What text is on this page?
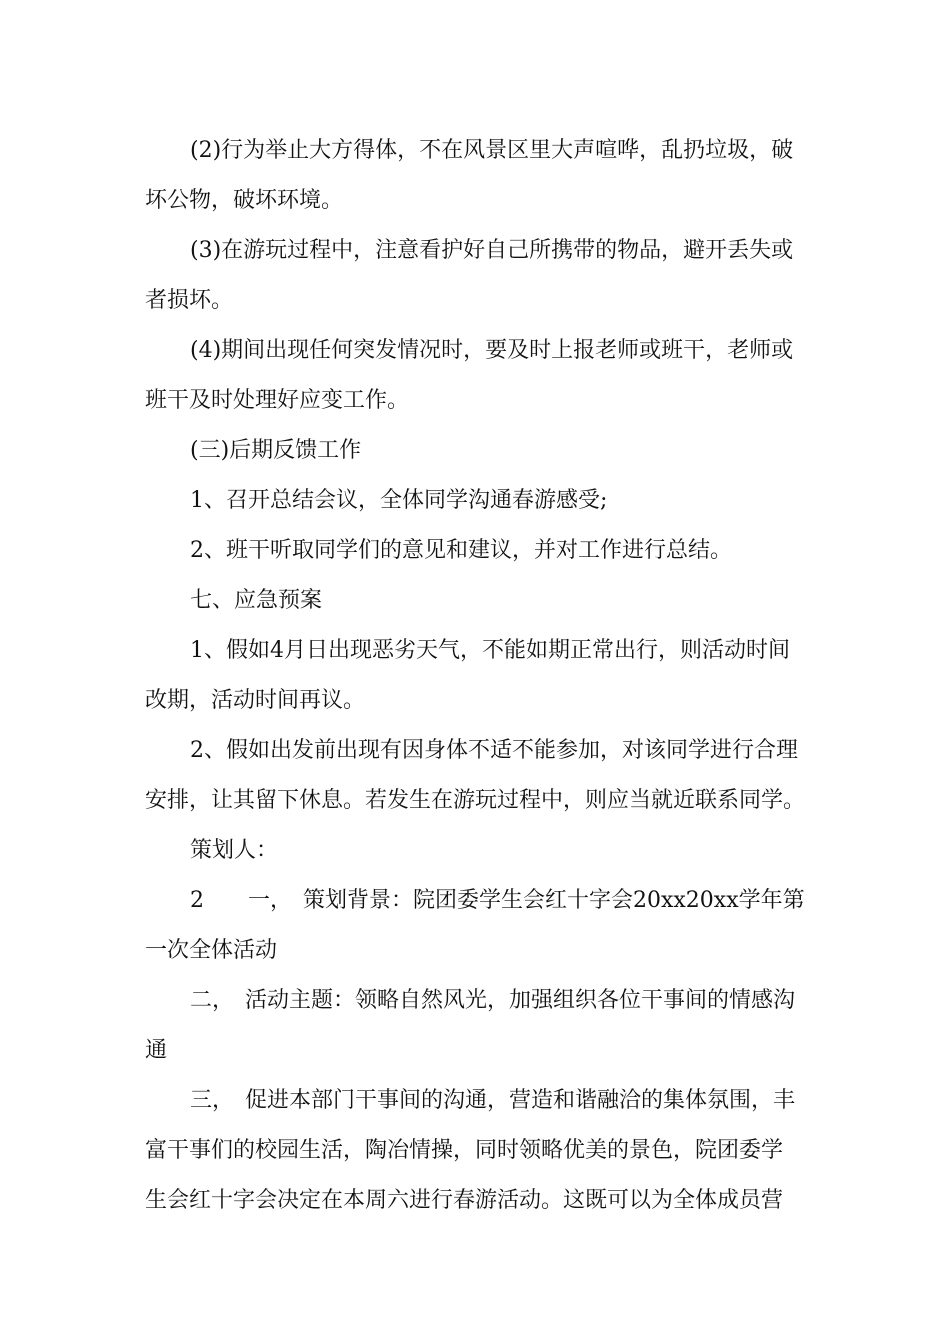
(2)行为举止大方得体，不在风景区里大声喧哗，乱扔垃圾，破
坏公物，破坏环境。
(3)在游玩过程中，注意看护好自己所携带的物品，避开丢失或
者损坏。
(4)期间出现任何突发情况时，要及时上报老师或班干，老师或
班干及时处理好应变工作。
(三)后期反馈工作
1、召开总结会议，全体同学沟通春游感受;
2、班干听取同学们的意见和建议，并对工作进行总结。
七、应急预案
1、假如4月日出现恶劣天气，不能如期正常出行，则活动时间
改期，活动时间再议。
2、假如出发前出现有因身体不适不能参加，对该同学进行合理
安排，让其留下休息。若发生在游玩过程中，则应当就近联系同学。
策划人：
2　　一，　策划背景：院团委学生会红十字会20xx20xx学年第
一次全体活动
二，　活动主题：领略自然风光，加强组织各位干事间的情感沟
通
三，　促进本部门干事间的沟通，营造和谐融洽的集体氛围，丰
富干事们的校园生活，陶冶情操，同时领略优美的景色，院团委学
生会红十字会决定在本周六进行春游活动。这既可以为全体成员营
